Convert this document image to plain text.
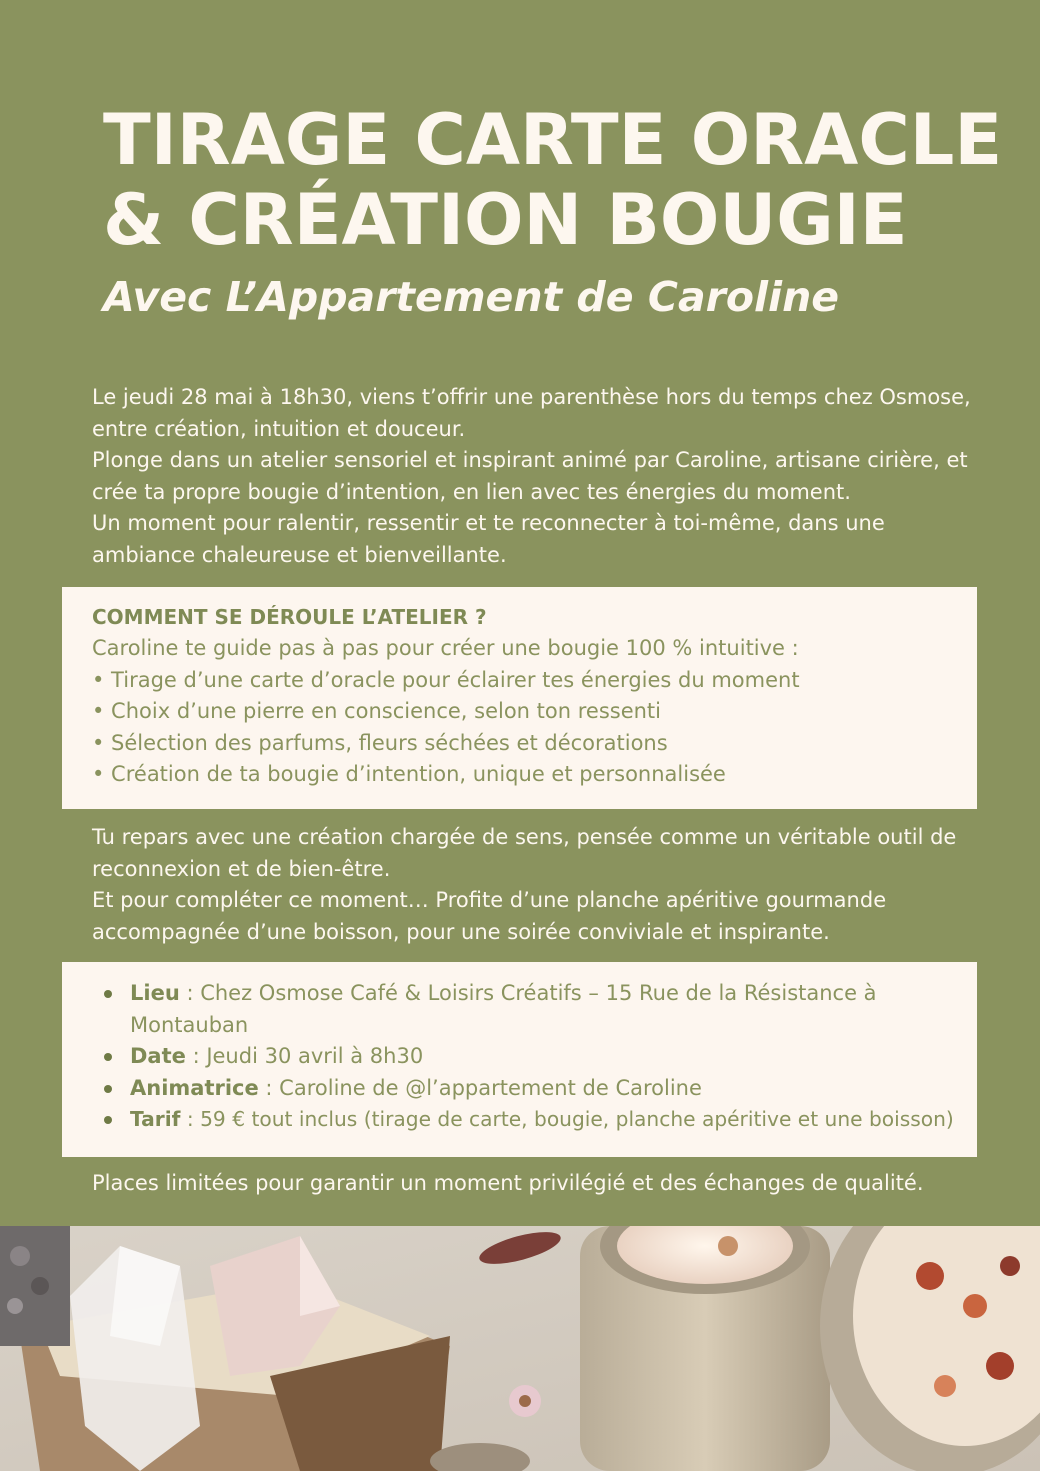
TIRAGE CARTE ORACLE
& CRÉATION BOUGIE
Avec L’Appartement de Caroline

Le jeudi 28 mai à 18h30, viens t’offrir une parenthèse hors du temps chez Osmose, entre création, intuition et douceur.

Plonge dans un atelier sensoriel et inspirant animé par Caroline, artisane cirière, et crée ta propre bougie d’intention, en lien avec tes énergies du moment.

Un moment pour ralentir, ressentir et te reconnecter à toi-même, dans une ambiance chaleureuse et bienveillante.

COMMENT SE DÉROULE L’ATELIER ?
Caroline te guide pas à pas pour créer une bougie 100 % intuitive :
• Tirage d’une carte d’oracle pour éclairer tes énergies du moment
• Choix d’une pierre en conscience, selon ton ressenti
• Sélection des parfums, fleurs séchées et décorations
• Création de ta bougie d’intention, unique et personnalisée

Tu repars avec une création chargée de sens, pensée comme un véritable outil de reconnexion et de bien-être.

Et pour compléter ce moment… Profite d’une planche apéritive gourmande accompagnée d’une boisson, pour une soirée conviviale et inspirante.

Lieu : Chez Osmose Café & Loisirs Créatifs – 15 Rue de la Résistance à Montauban
Date : Jeudi 30 avril à 8h30
Animatrice : Caroline de @l’appartement de Caroline
Tarif : 59 € tout inclus (tirage de carte, bougie, planche apéritive et une boisson)
Places limitées pour garantir un moment privilégié et des échanges de qualité.
